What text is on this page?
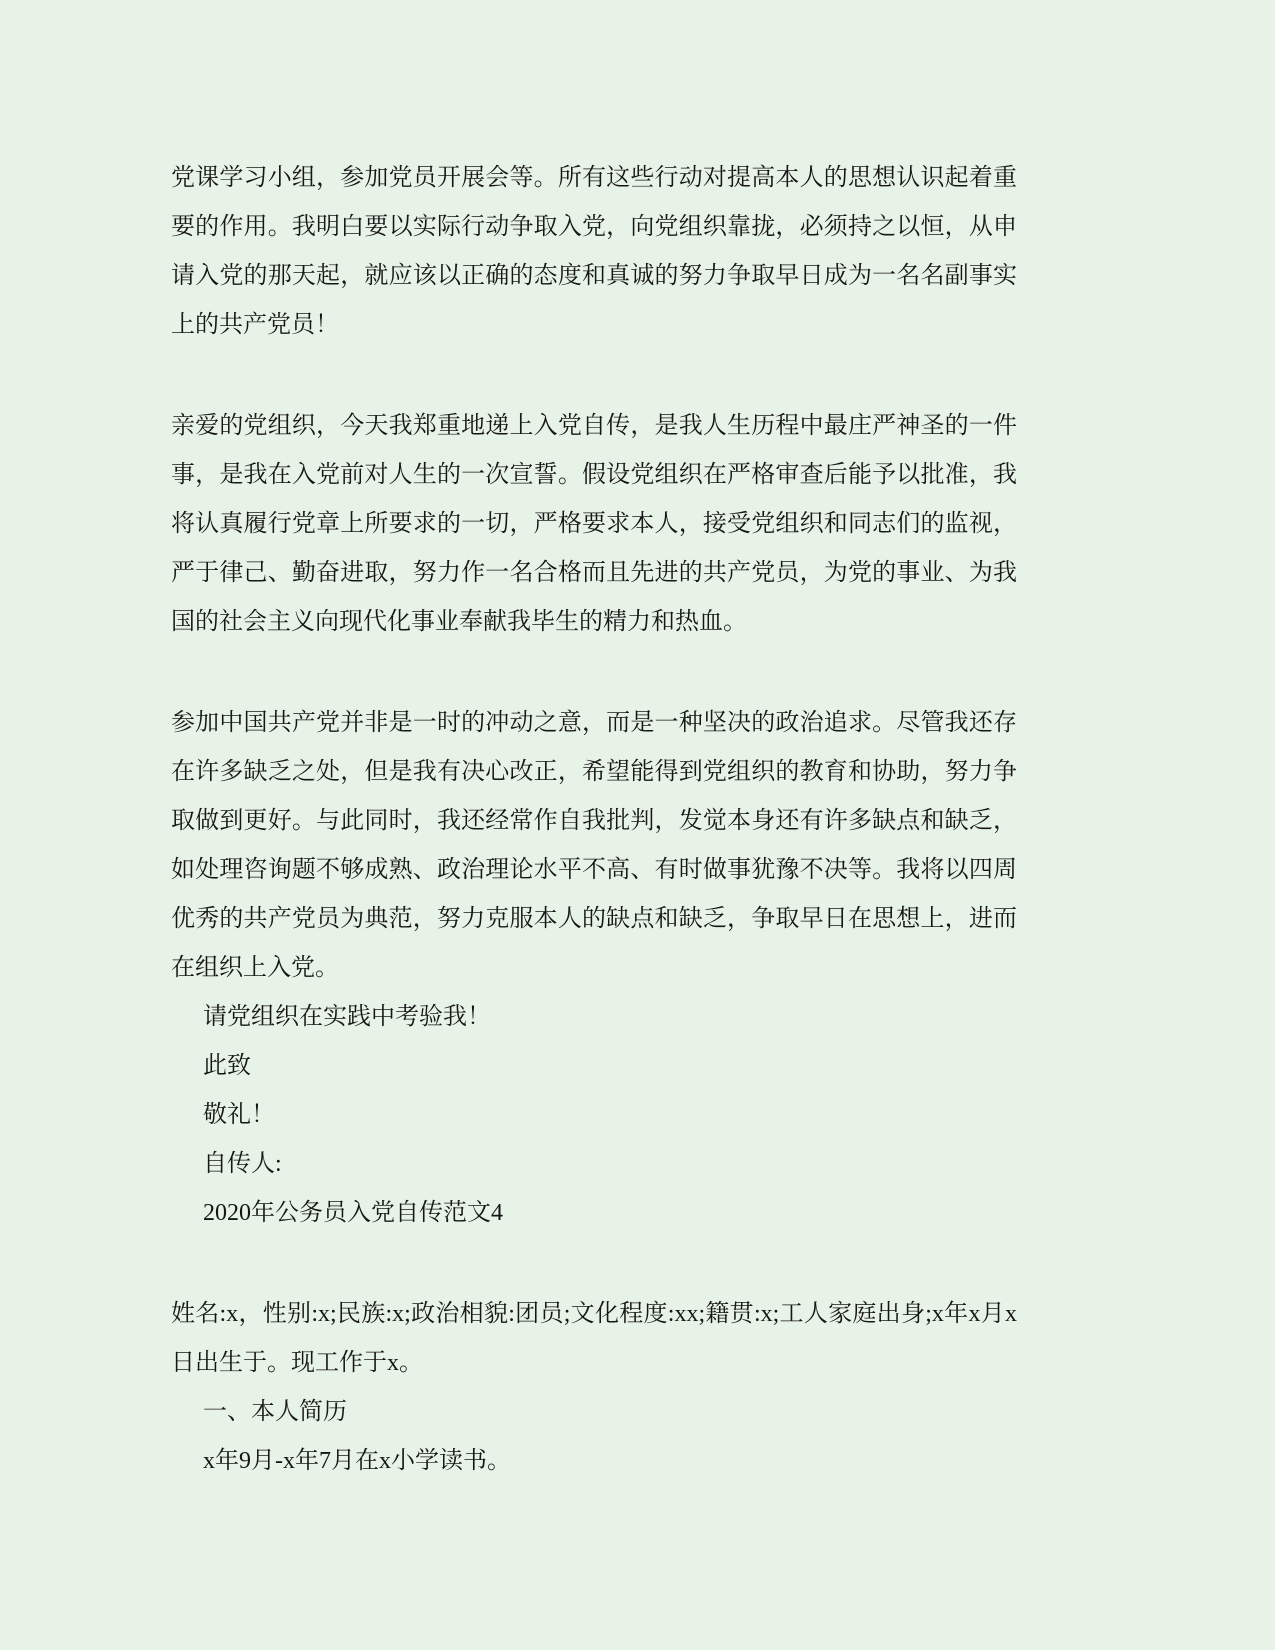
党课学习小组，参加党员开展会等。所有这些行动对提高本人的思想认识起着重要的作用。我明白要以实际行动争取入党，向党组织靠拢，必须持之以恒，从申请入党的那天起，就应该以正确的态度和真诚的努力争取早日成为一名名副事实上的共产党员！

亲爱的党组织，今天我郑重地递上入党自传，是我人生历程中最庄严神圣的一件事，是我在入党前对人生的一次宣誓。假设党组织在严格审查后能予以批准，我将认真履行党章上所要求的一切，严格要求本人，接受党组织和同志们的监视，严于律己、勤奋进取，努力作一名合格而且先进的共产党员，为党的事业、为我国的社会主义向现代化事业奉献我毕生的精力和热血。

参加中国共产党并非是一时的冲动之意，而是一种坚决的政治追求。尽管我还存在许多缺乏之处，但是我有决心改正，希望能得到党组织的教育和协助，努力争取做到更好。与此同时，我还经常作自我批判，发觉本身还有许多缺点和缺乏，如处理咨询题不够成熟、政治理论水平不高、有时做事犹豫不决等。我将以四周优秀的共产党员为典范，努力克服本人的缺点和缺乏，争取早日在思想上，进而在组织上入党。

请党组织在实践中考验我！

此致

敬礼！

自传人:

2020年公务员入党自传范文4

姓名:x，性别:x;民族:x;政治相貌:团员;文化程度:xx;籍贯:x;工人家庭出身;x年x月x日出生于。现工作于x。

一、本人简历

x年9月-x年7月在x小学读书。
